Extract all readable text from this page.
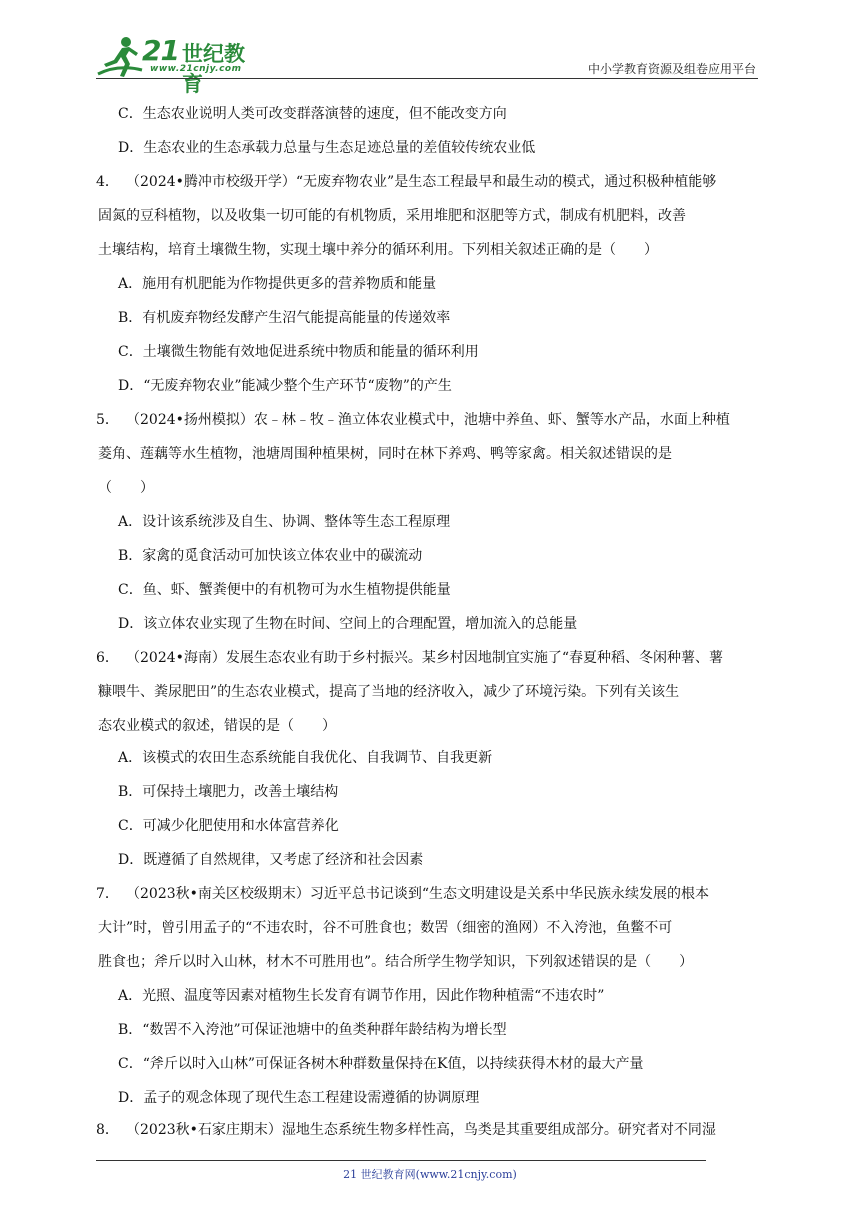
21 世纪教育
www.21cnjy.com	中小学教育资源及组卷应用平台
C．生态农业说明人类可改变群落演替的速度，但不能改变方向
D．生态农业的生态承载力总量与生态足迹总量的差值较传统农业低
4． （2024•腾冲市校级开学）“无废弃物农业”是生态工程最早和最生动的模式，通过积极种植能够
固氮的豆科植物，以及收集一切可能的有机物质，采用堆肥和沤肥等方式，制成有机肥料，改善
土壤结构，培育土壤微生物，实现土壤中养分的循环利用。下列相关叙述正确的是（　　）
A．施用有机肥能为作物提供更多的营养物质和能量
B．有机废弃物经发酵产生沼气能提高能量的传递效率
C．土壤微生物能有效地促进系统中物质和能量的循环利用
D．“无废弃物农业”能减少整个生产环节“废物”的产生
5． （2024•扬州模拟）农﹣林﹣牧﹣渔立体农业模式中，池塘中养鱼、虾、蟹等水产品，水面上种植
菱角、莲藕等水生植物，池塘周围种植果树，同时在林下养鸡、鸭等家禽。相关叙述错误的是
（　　）
A．设计该系统涉及自生、协调、整体等生态工程原理
B．家禽的觅食活动可加快该立体农业中的碳流动
C．鱼、虾、蟹粪便中的有机物可为水生植物提供能量
D．该立体农业实现了生物在时间、空间上的合理配置，增加流入的总能量
6． （2024•海南）发展生态农业有助于乡村振兴。某乡村因地制宜实施了“春夏种稻、冬闲种薯、薯
糠喂牛、粪尿肥田”的生态农业模式，提高了当地的经济收入，减少了环境污染。下列有关该生
态农业模式的叙述，错误的是（　　）
A．该模式的农田生态系统能自我优化、自我调节、自我更新
B．可保持土壤肥力，改善土壤结构
C．可减少化肥使用和水体富营养化
D．既遵循了自然规律，又考虑了经济和社会因素
7． （2023秋•南关区校级期末）习近平总书记谈到“生态文明建设是关系中华民族永续发展的根本
大计”时，曾引用孟子的“不违农时，谷不可胜食也；数罟（细密的渔网）不入洿池，鱼鳖不可
胜食也；斧斤以时入山林，材木不可胜用也”。结合所学生物学知识，下列叙述错误的是（　　）
A．光照、温度等因素对植物生长发育有调节作用，因此作物种植需“不违农时”
B．“数罟不入洿池”可保证池塘中的鱼类种群年龄结构为增长型
C．“斧斤以时入山林”可保证各树木种群数量保持在K值，以持续获得木材的最大产量
D．孟子的观念体现了现代生态工程建设需遵循的协调原理
8． （2023秋•石家庄期末）湿地生态系统生物多样性高，鸟类是其重要组成部分。研究者对不同湿
21 世纪教育网(www.21cnjy.com)
